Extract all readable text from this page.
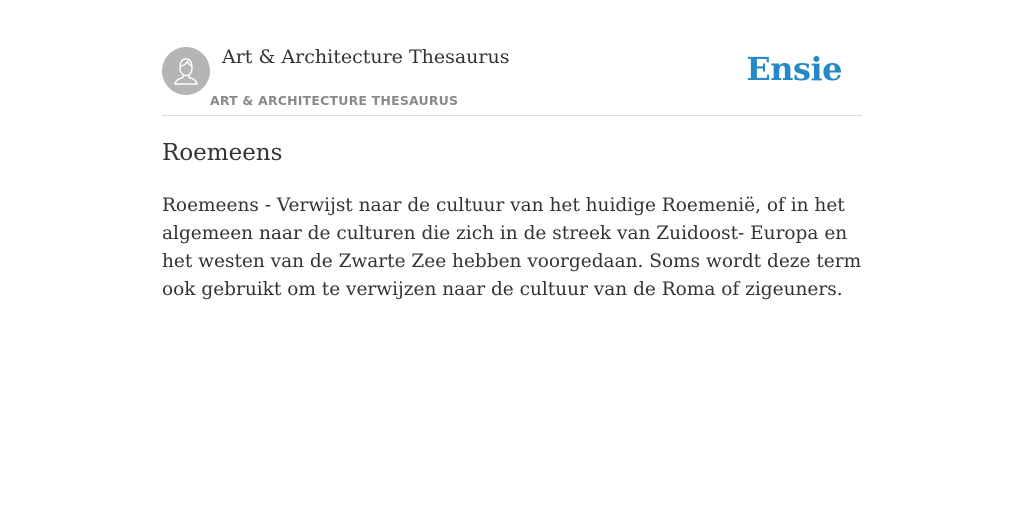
Art & Architecture Thesaurus
ART & ARCHITECTURE THESAURUS
Ensie
Roemeens

Roemeens - Verwijst naar de cultuur van het huidige Roemenië, of in het algemeen naar de culturen die zich in de streek van Zuidoost- Europa en het westen van de Zwarte Zee hebben voorgedaan. Soms wordt deze term ook gebruikt om te verwijzen naar de cultuur van de Roma of zigeuners.
